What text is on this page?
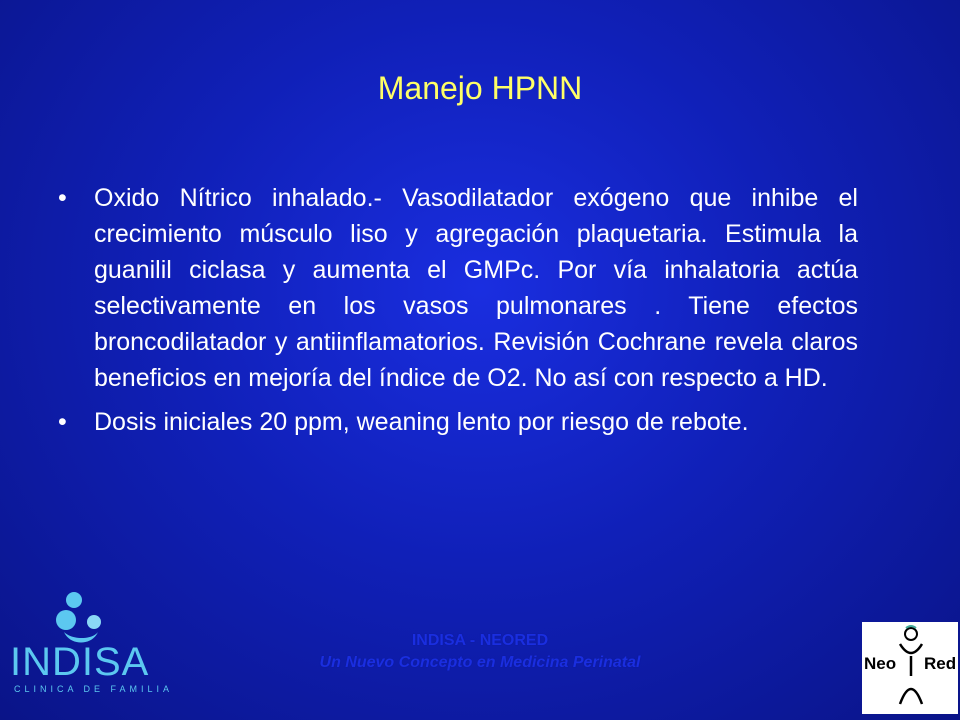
Manejo HPNN
• Oxido Nítrico inhalado.- Vasodilatador exógeno que inhibe el crecimiento músculo liso y agregación plaquetaria. Estimula la guanilil ciclasa y aumenta el GMPc. Por vía inhalatoria actúa selectivamente en los vasos pulmonares . Tiene efectos broncodilatador y antiinflamatorios. Revisión Cochrane revela claros beneficios en mejoría del índice de O2. No así con respecto a HD.
• Dosis iniciales 20 ppm, weaning lento por riesgo de rebote.
INDISA
CLINICA DE FAMILIA
INDISA - NEORED
Un Nuevo Concepto en Medicina Perinatal	Neo Red
